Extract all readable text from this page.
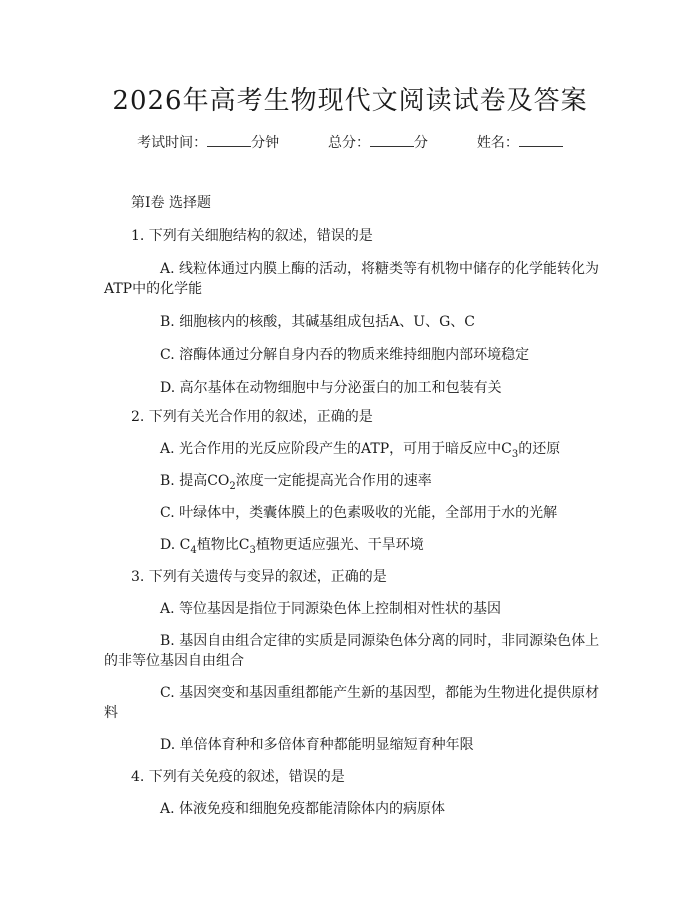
2026年高考生物现代文阅读试卷及答案
考试时间：	分钟	总分：	分	姓名：
第Ⅰ卷 选择题
1. 下列有关细胞结构的叙述，错误的是
A. 线粒体通过内膜上酶的活动，将糖类等有机物中储存的化学能转化为
ATP中的化学能
B. 细胞核内的核酸，其碱基组成包括A、U、G、C
C. 溶酶体通过分解自身内吞的物质来维持细胞内部环境稳定
D. 高尔基体在动物细胞中与分泌蛋白的加工和包装有关
2. 下列有关光合作用的叙述，正确的是
A. 光合作用的光反应阶段产生的ATP，可用于暗反应中$C_3$的还原
B. 提高$CO_2$浓度一定能提高光合作用的速率
C. 叶绿体中，类囊体膜上的色素吸收的光能，全部用于水的光解
D. $C_4$植物比$C_3$植物更适应强光、干旱环境
3. 下列有关遗传与变异的叙述，正确的是
A. 等位基因是指位于同源染色体上控制相对性状的基因
B. 基因自由组合定律的实质是同源染色体分离的同时，非同源染色体上
的非等位基因自由组合
C. 基因突变和基因重组都能产生新的基因型，都能为生物进化提供原材
料
D. 单倍体育种和多倍体育种都能明显缩短育种年限
4. 下列有关免疫的叙述，错误的是
A. 体液免疫和细胞免疫都能清除体内的病原体
